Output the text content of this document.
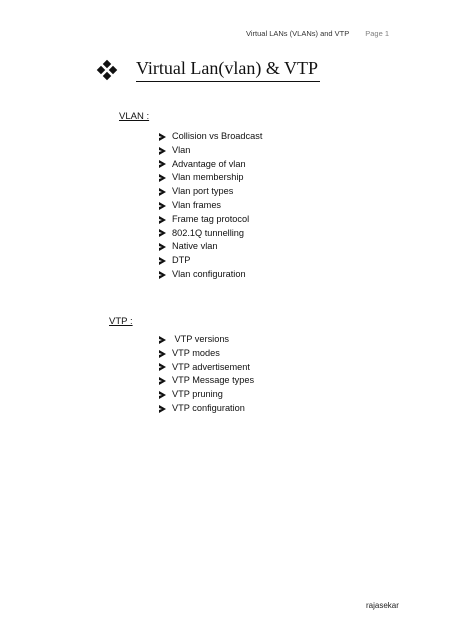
Virtual LANs (VLANs) and VTP Page 1
Virtual Lan(vlan) & VTP
VLAN :
Collision vs Broadcast
Vlan
Advantage of vlan
Vlan membership
Vlan port types
Vlan frames
Frame tag protocol
802.1Q tunnelling
Native vlan
DTP
Vlan configuration
VTP :
VTP versions
VTP modes
VTP advertisement
VTP Message types
VTP pruning
VTP configuration
rajasekar
